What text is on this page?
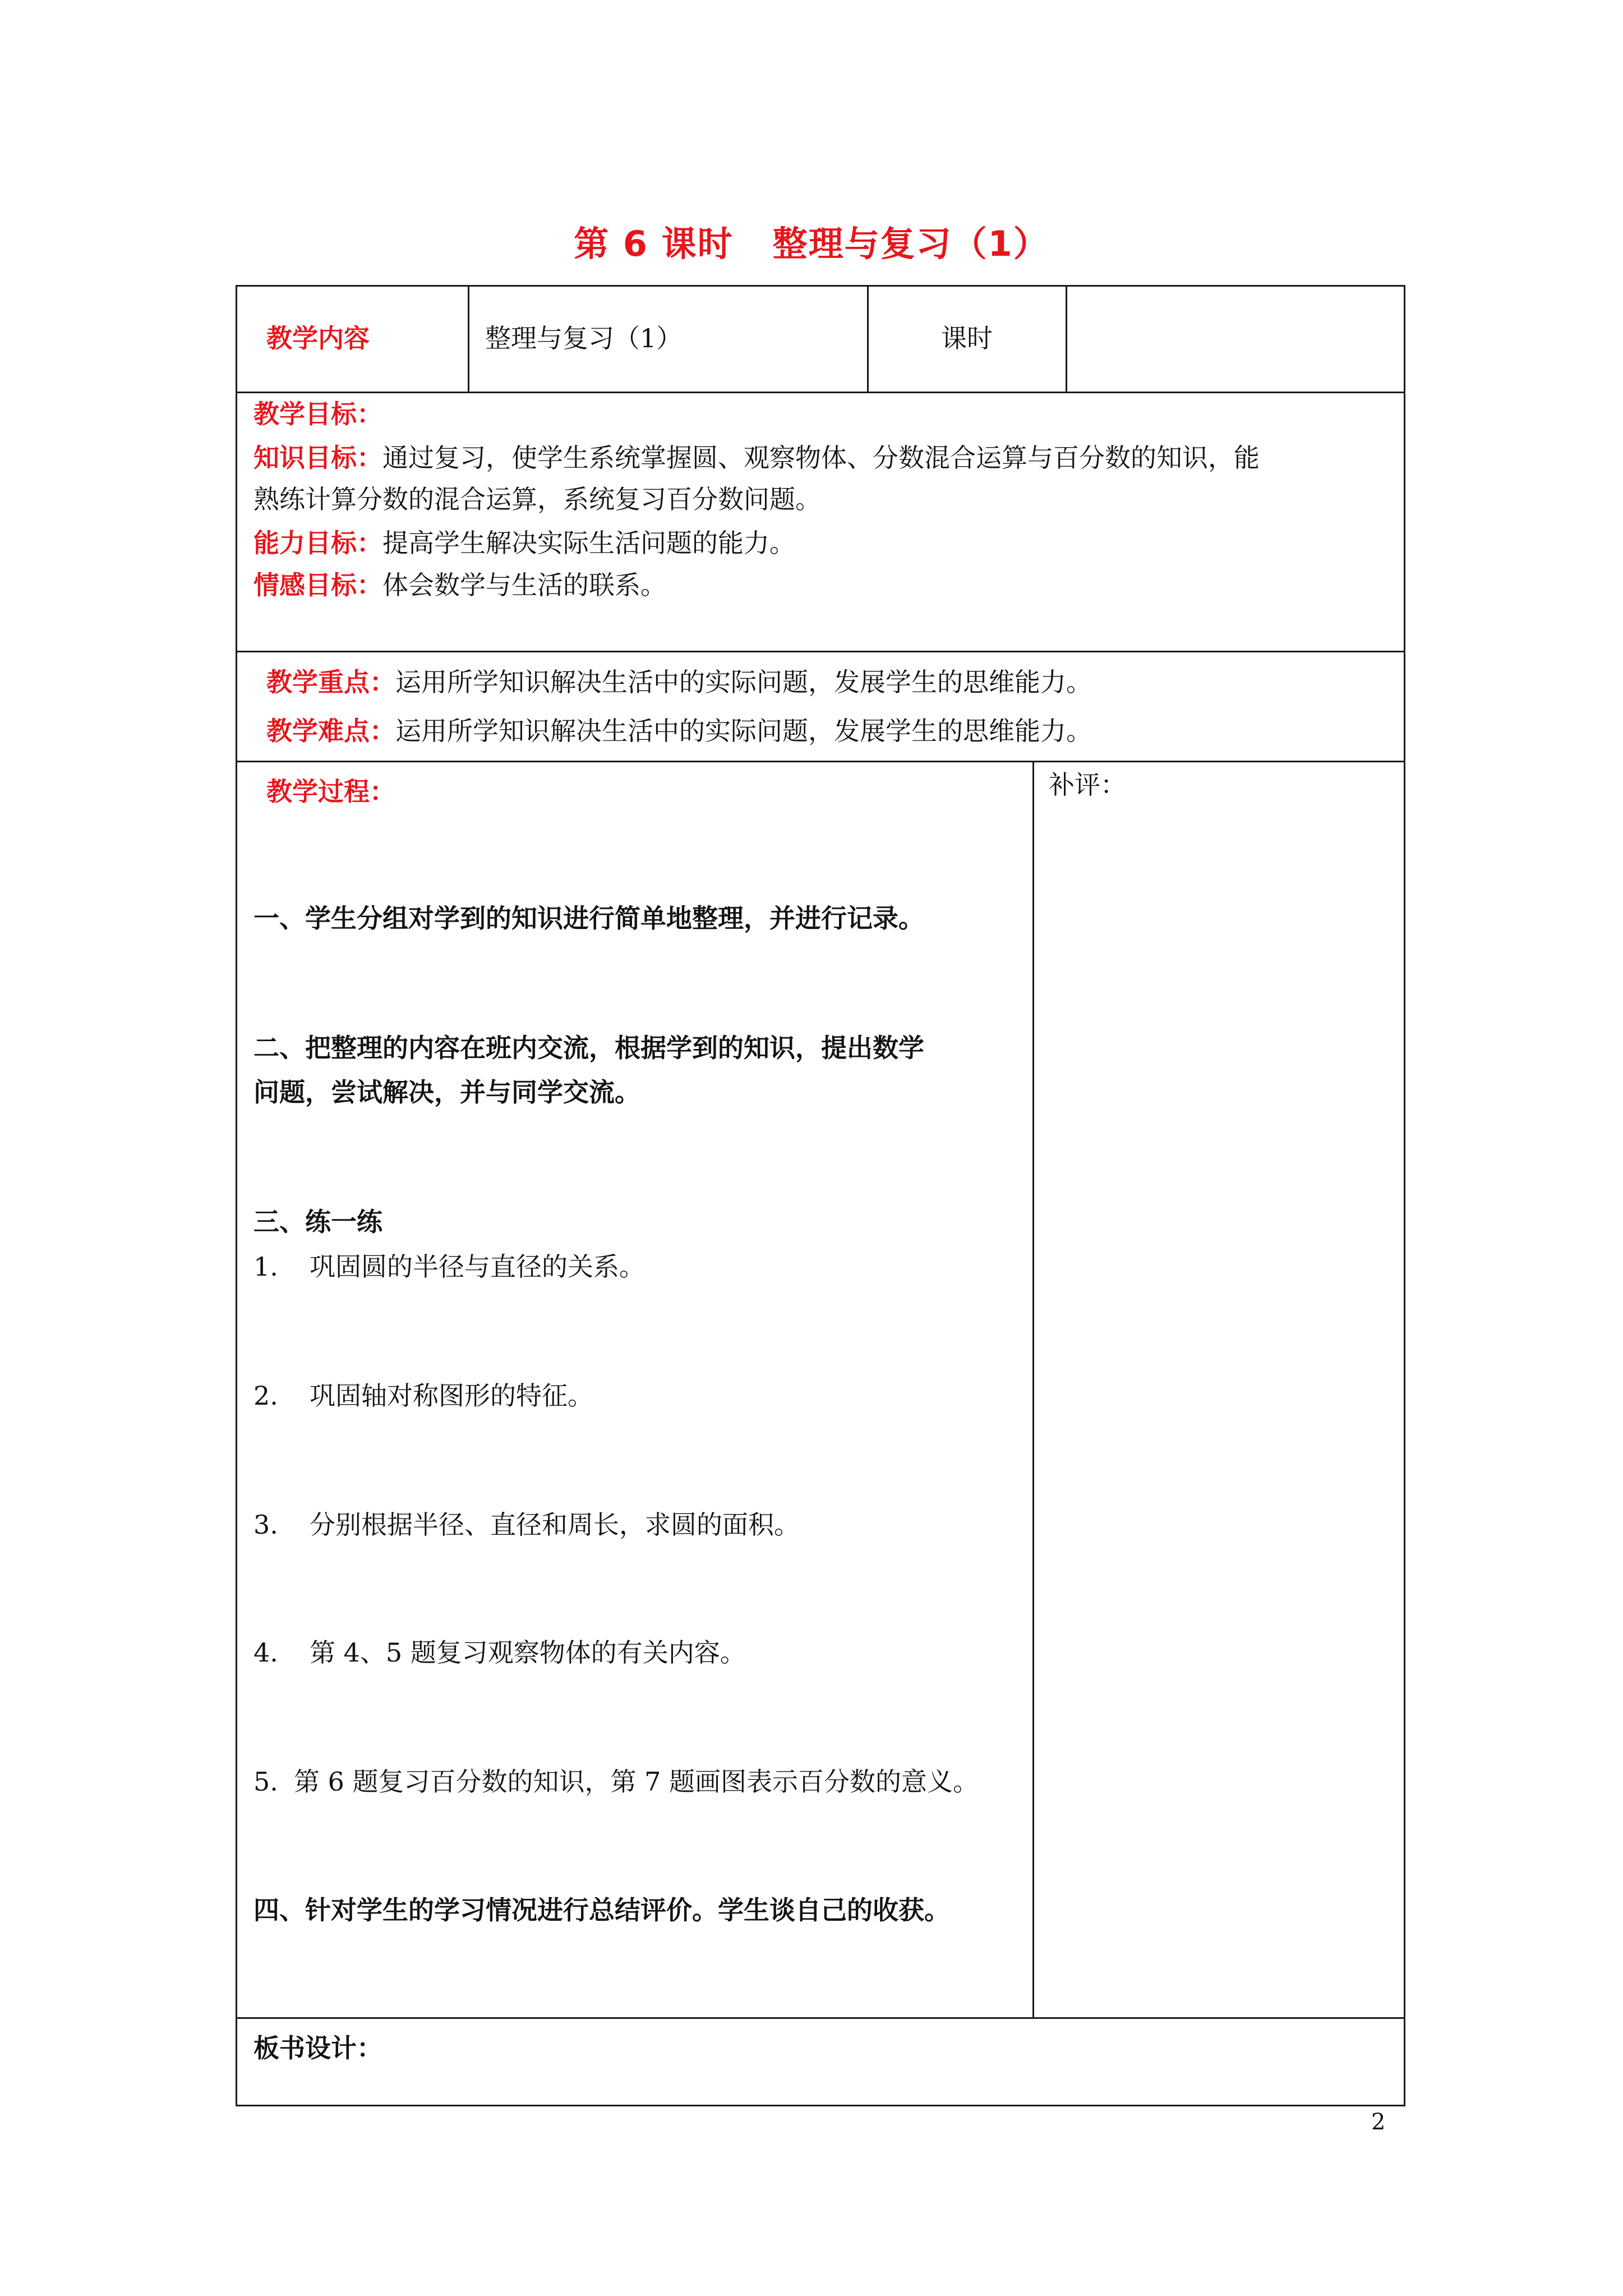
第 6 课时 整理与复习（1）
教学内容	整理与复习（1）	课时
教学目标：
知识目标：通过复习，使学生系统掌握圆、观察物体、分数混合运算与百分数的知识，能
熟练计算分数的混合运算，系统复习百分数问题。
能力目标：提高学生解决实际生活问题的能力。
情感目标：体会数学与生活的联系。
教学重点：运用所学知识解决生活中的实际问题，发展学生的思维能力。
教学难点：运用所学知识解决生活中的实际问题，发展学生的思维能力。
教学过程：
一、学生分组对学到的知识进行简单地整理，并进行记录。
二、把整理的内容在班内交流，根据学到的知识，提出数学
问题，尝试解决，并与同学交流。
三、练一练
1. 巩固圆的半径与直径的关系。
2. 巩固轴对称图形的特征。
3. 分别根据半径、直径和周长，求圆的面积。
4. 第 4、5 题复习观察物体的有关内容。
5. 第 6 题复习百分数的知识，第 7 题画图表示百分数的意义。
四、针对学生的学习情况进行总结评价。学生谈自己的收获。
补评：
板书设计：
2
